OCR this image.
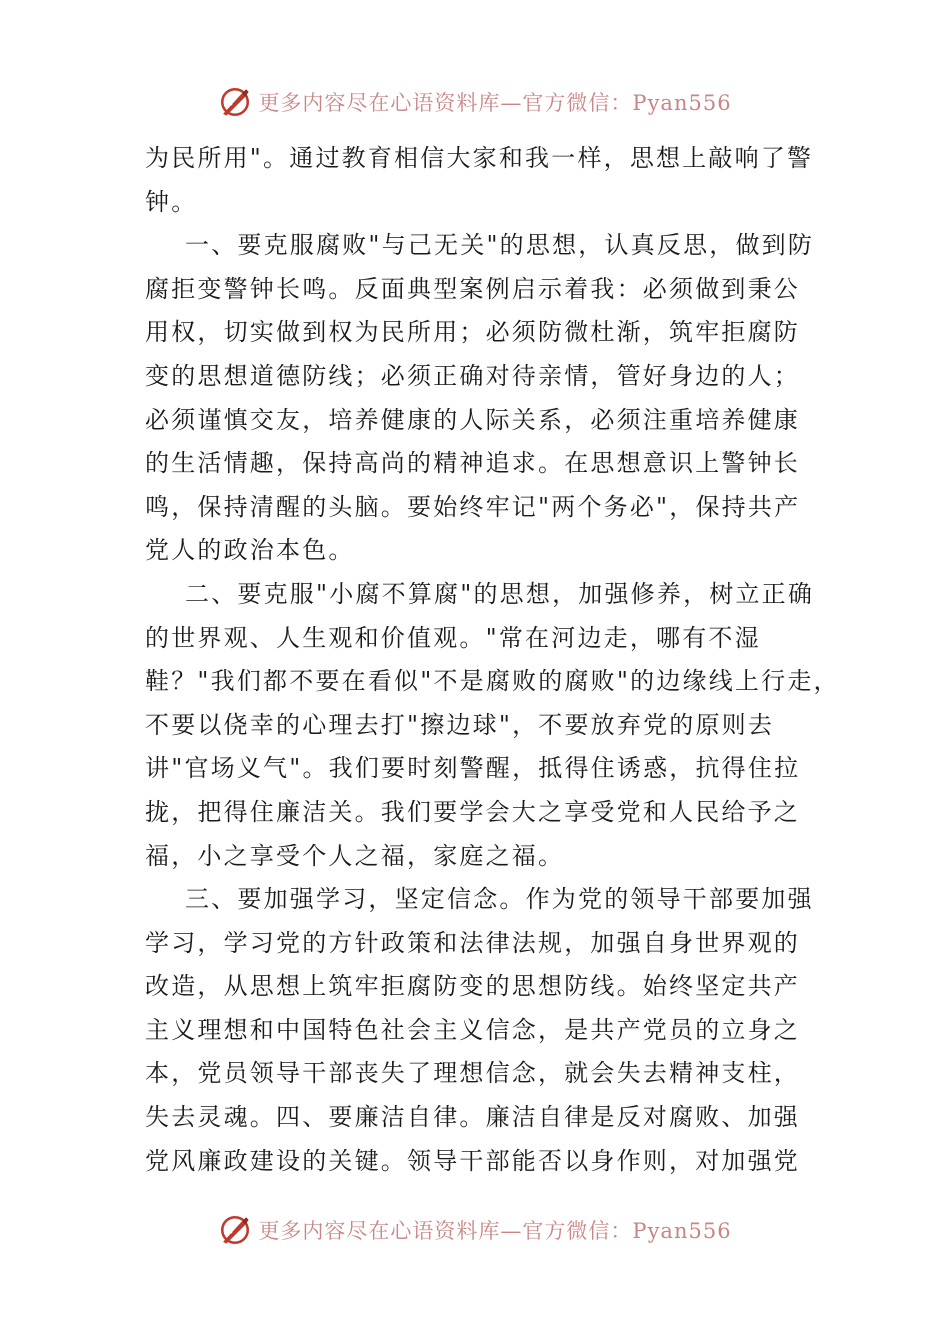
更多内容尽在心语资料库—官方微信：Pyan556
为民所用"。通过教育相信大家和我一样，思想上敲响了警
钟。
一、要克服腐败"与己无关"的思想，认真反思，做到防
腐拒变警钟长鸣。反面典型案例启示着我：必须做到秉公
用权，切实做到权为民所用；必须防微杜渐，筑牢拒腐防
变的思想道德防线；必须正确对待亲情，管好身边的人；
必须谨慎交友，培养健康的人际关系，必须注重培养健康
的生活情趣，保持高尚的精神追求。在思想意识上警钟长
鸣，保持清醒的头脑。要始终牢记"两个务必"，保持共产
党人的政治本色。
二、要克服"小腐不算腐"的思想，加强修养，树立正确
的世界观、人生观和价值观。"常在河边走，哪有不湿
鞋？"我们都不要在看似"不是腐败的腐败"的边缘线上行走，
不要以侥幸的心理去打"擦边球"，不要放弃党的原则去
讲"官场义气"。我们要时刻警醒，抵得住诱惑，抗得住拉
拢，把得住廉洁关。我们要学会大之享受党和人民给予之
福，小之享受个人之福，家庭之福。
三、要加强学习，坚定信念。作为党的领导干部要加强
学习，学习党的方针政策和法律法规，加强自身世界观的
改造，从思想上筑牢拒腐防变的思想防线。始终坚定共产
主义理想和中国特色社会主义信念，是共产党员的立身之
本，党员领导干部丧失了理想信念，就会失去精神支柱，
失去灵魂。四、要廉洁自律。廉洁自律是反对腐败、加强
党风廉政建设的关键。领导干部能否以身作则，对加强党
更多内容尽在心语资料库—官方微信：Pyan556
